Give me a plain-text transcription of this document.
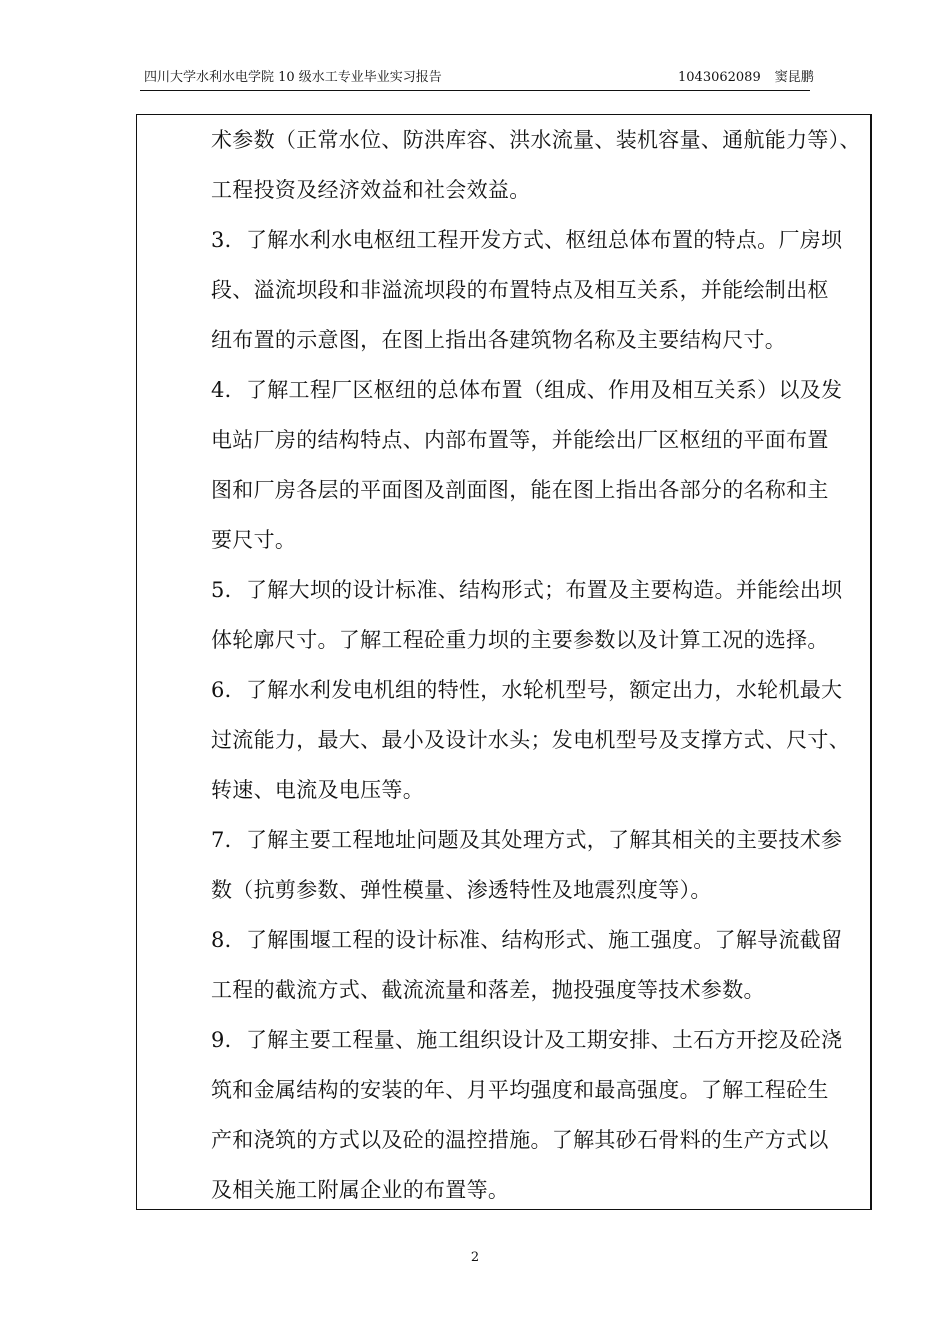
四川大学水利水电学院 10 级水工专业毕业实习报告	1043062089 窦昆鹏
术参数（正常水位、防洪库容、洪水流量、装机容量、通航能力等）、
工程投资及经济效益和社会效益。
3．了解水利水电枢纽工程开发方式、枢纽总体布置的特点。厂房坝
段、溢流坝段和非溢流坝段的布置特点及相互关系，并能绘制出枢
纽布置的示意图，在图上指出各建筑物名称及主要结构尺寸。
4．了解工程厂区枢纽的总体布置（组成、作用及相互关系）以及发
电站厂房的结构特点、内部布置等，并能绘出厂区枢纽的平面布置
图和厂房各层的平面图及剖面图，能在图上指出各部分的名称和主
要尺寸。
5．了解大坝的设计标准、结构形式；布置及主要构造。并能绘出坝
体轮廓尺寸。了解工程砼重力坝的主要参数以及计算工况的选择。
6．了解水利发电机组的特性，水轮机型号，额定出力，水轮机最大
过流能力，最大、最小及设计水头；发电机型号及支撑方式、尺寸、
转速、电流及电压等。
7．了解主要工程地址问题及其处理方式，了解其相关的主要技术参
数（抗剪参数、弹性模量、渗透特性及地震烈度等）。
8．了解围堰工程的设计标准、结构形式、施工强度。了解导流截留
工程的截流方式、截流流量和落差，抛投强度等技术参数。
9．了解主要工程量、施工组织设计及工期安排、土石方开挖及砼浇
筑和金属结构的安装的年、月平均强度和最高强度。了解工程砼生
产和浇筑的方式以及砼的温控措施。了解其砂石骨料的生产方式以
及相关施工附属企业的布置等。
2
